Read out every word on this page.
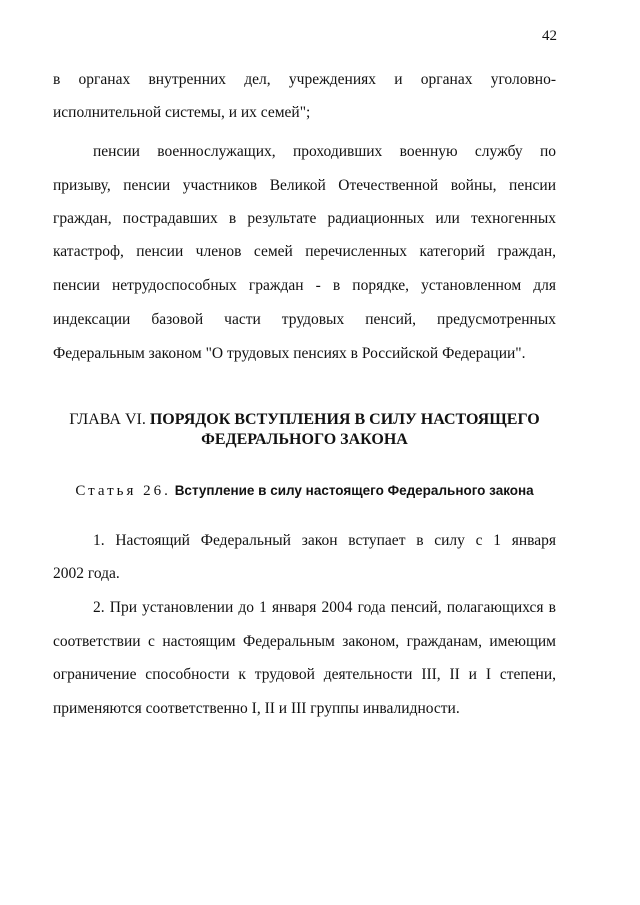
42
в органах внутренних дел, учреждениях и органах уголовно-
исполнительной системы, и их семей";
пенсии военнослужащих, проходивших военную службу по
призыву, пенсии участников Великой Отечественной войны, пенсии
граждан, пострадавших в результате радиационных или техногенных
катастроф, пенсии членов семей перечисленных категорий граждан,
пенсии нетрудоспособных граждан - в порядке, установленном для
индексации базовой части трудовых пенсий, предусмотренных
Федеральным законом "О трудовых пенсиях в Российской Федерации".
ГЛАВА VI. ПОРЯДОК ВСТУПЛЕНИЯ В СИЛУ НАСТОЯЩЕГО
ФЕДЕРАЛЬНОГО ЗАКОНА
Статья 26. Вступление в силу настоящего Федерального закона
1. Настоящий Федеральный закон вступает в силу с 1 января
2002 года.
2. При установлении до 1 января 2004 года пенсий, полагающихся в
соответствии с настоящим Федеральным законом, гражданам, имеющим
ограничение способности к трудовой деятельности III, II и I степени,
применяются соответственно I, II и III группы инвалидности.
